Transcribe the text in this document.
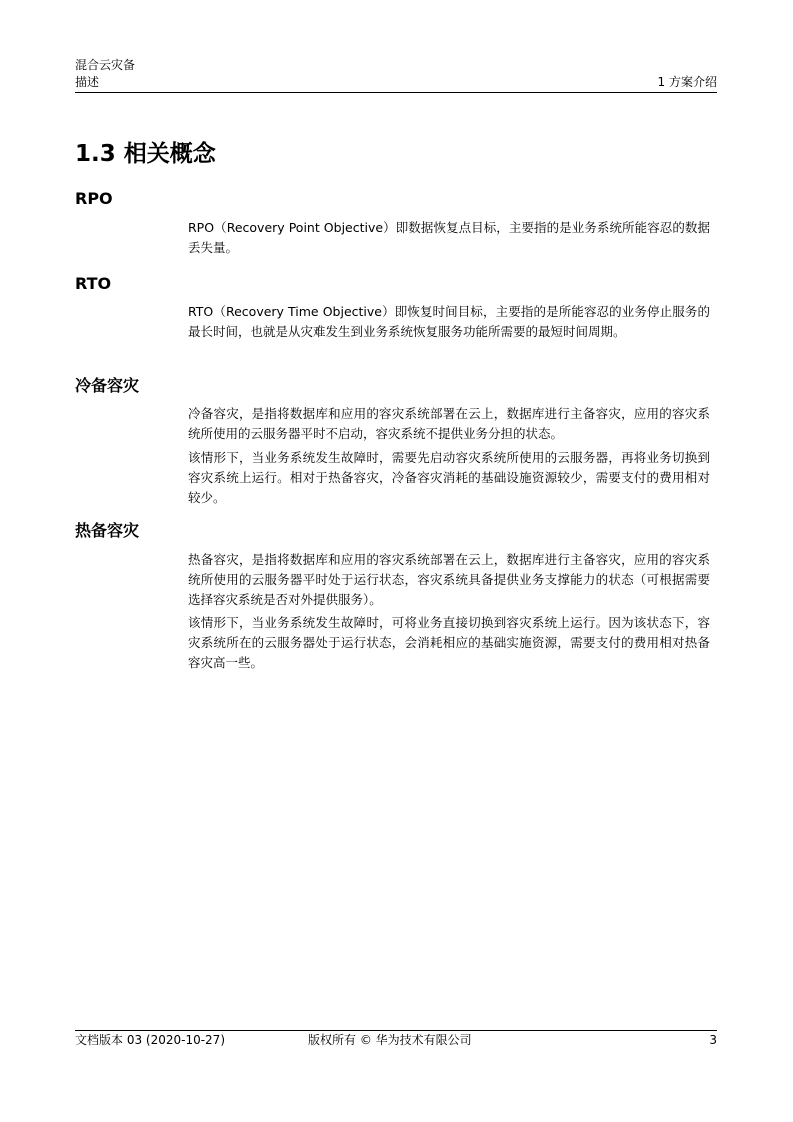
混合云灾备
描述	1 方案介绍
1.3 相关概念
RPO

RPO（Recovery Point Objective）即数据恢复点目标，主要指的是业务系统所能容忍的数据丢失量。

RTO

RTO（Recovery Time Objective）即恢复时间目标，主要指的是所能容忍的业务停止服务的最长时间，也就是从灾难发生到业务系统恢复服务功能所需要的最短时间周期。

冷备容灾

冷备容灾，是指将数据库和应用的容灾系统部署在云上，数据库进行主备容灾，应用的容灾系统所使用的云服务器平时不启动，容灾系统不提供业务分担的状态。

该情形下，当业务系统发生故障时，需要先启动容灾系统所使用的云服务器，再将业务切换到容灾系统上运行。相对于热备容灾，冷备容灾消耗的基础设施资源较少，需要支付的费用相对较少。

热备容灾

热备容灾，是指将数据库和应用的容灾系统部署在云上，数据库进行主备容灾，应用的容灾系统所使用的云服务器平时处于运行状态，容灾系统具备提供业务支撑能力的状态（可根据需要选择容灾系统是否对外提供服务）。

该情形下，当业务系统发生故障时，可将业务直接切换到容灾系统上运行。因为该状态下，容灾系统所在的云服务器处于运行状态，会消耗相应的基础实施资源，需要支付的费用相对热备容灾高一些。

文档版本 03 (2020-10-27)	版权所有 © 华为技术有限公司	3
